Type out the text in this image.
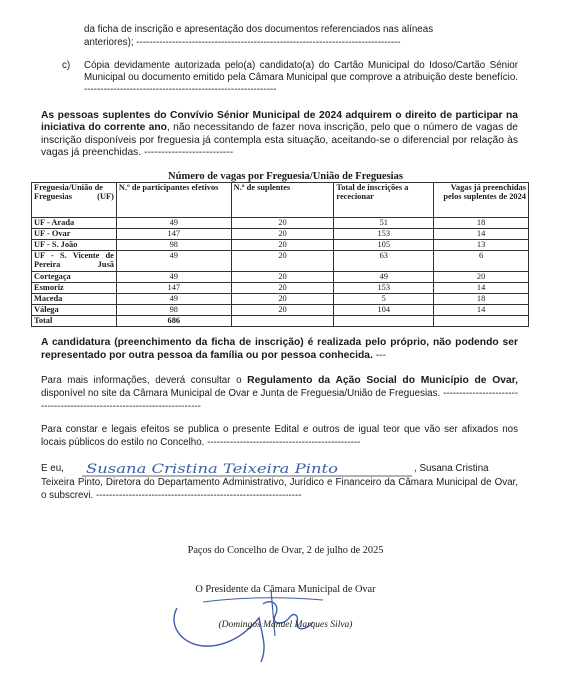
da ficha de inscrição e apresentação dos documentos referenciados nas alíneas
anteriores); ---------------------------------------------------------------------------------
c) Cópia devidamente autorizada pelo(a) candidato(a) do Cartão Municipal do Idoso/Cartão Sénior Municipal ou documento emitido pela Câmara Municipal que comprove a atribuição deste benefício. -----------------------------------------------------------
As pessoas suplentes do Convívio Sénior Municipal de 2024 adquirem o direito de participar na iniciativa do corrente ano, não necessitando de fazer nova inscrição, pelo que o número de vagas de inscrição disponíveis por freguesia já contempla esta situação, aceitando-se o diferencial por relação às vagas já preenchidas. --------------------------
Número de vagas por Freguesia/União de Freguesias
Freguesia/União de Freguesias (UF)	N.º de participantes efetivos	N.º de suplentes	Total de inscrições a rececionar	Vagas já preenchidas pelos suplentes de 2024
UF - Arada	49	20	51	18
UF - Ovar	147	20	153	14
UF - S. João	98	20	105	13
UF - S. Vicente de Pereira Jusã	49	20	63	6
Cortegaça	49	20	49	20
Esmoriz	147	20	153	14
Maceda	49	20	5	18
Válega	98	20	104	14
Total	686			
A candidatura (preenchimento da ficha de inscrição) é realizada pelo próprio, não podendo ser representado por outra pessoa da família ou por pessoa conhecida. ---
Para mais informações, deverá consultar o Regulamento da Ação Social do Município de Ovar, disponível no site da Câmara Municipal de Ovar e Junta de Freguesia/União de Freguesias. ------------------------------------------------------------------------
Para constar e legais efeitos se publica o presente Edital e outros de igual teor que vão ser afixados nos locais públicos do estilo no Concelho. -----------------------------------------------
E eu, Susana Cristina Teixeira Pinto	, Susana Cristina
Teixeira Pinto, Diretora do Departamento Administrativo, Jurídico e Financeiro da Câmara Municipal de Ovar, o subscrevi. ---------------------------------------------------------------
Paços do Concelho de Ovar, 2 de julho de 2025
O Presidente da Câmara Municipal de Ovar
(Domingos Manuel Marques Silva)
